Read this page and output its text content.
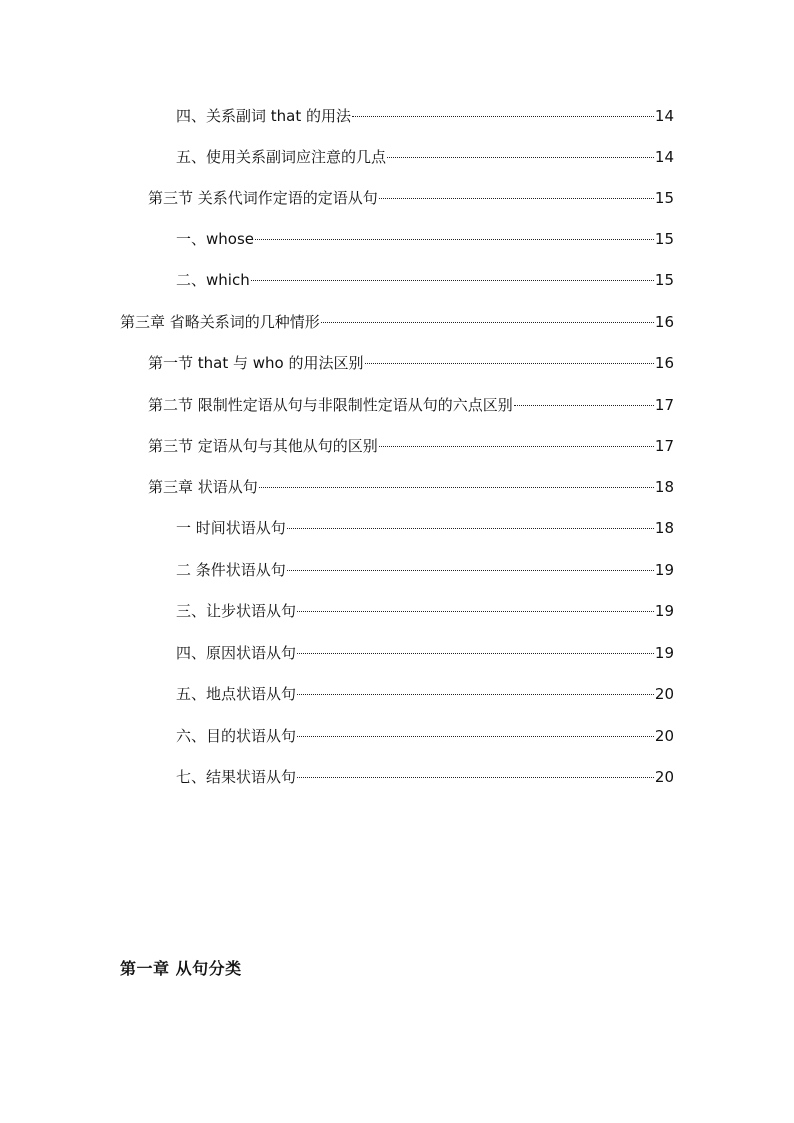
四、关系副词 that 的用法	14
五、使用关系副词应注意的几点	14
第三节 关系代词作定语的定语从句	15
一、whose	15
二、which	15
第三章 省略关系词的几种情形	16
第一节 that 与 who 的用法区别	16
第二节 限制性定语从句与非限制性定语从句的六点区别	17
第三节 定语从句与其他从句的区别	17
第三章 状语从句	18
一 时间状语从句	18
二 条件状语从句	19
三、让步状语从句	19
四、原因状语从句	19
五、地点状语从句	20
六、目的状语从句	20
七、结果状语从句	20
第一章 从句分类
